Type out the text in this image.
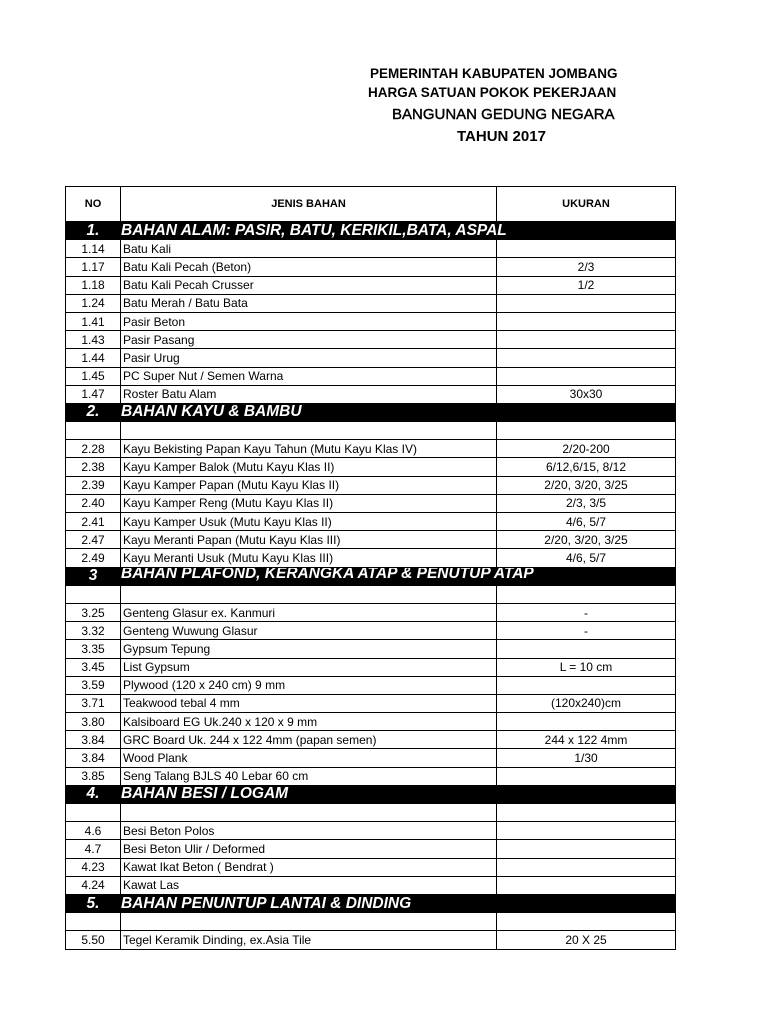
PEMERINTAH KABUPATEN JOMBANG
HARGA SATUAN POKOK PEKERJAAN
BANGUNAN GEDUNG NEGARA
TAHUN 2017
NO	JENIS BAHAN	UKURAN
1.	BAHAN ALAM: PASIR, BATU, KERIKIL,BATA, ASPAL	
1.14	Batu Kali	
1.17	Batu Kali Pecah (Beton)	2/3
1.18	Batu Kali Pecah Crusser	1/2
1.24	Batu Merah / Batu Bata	
1.41	Pasir Beton	
1.43	Pasir Pasang	
1.44	Pasir Urug	
1.45	PC Super Nut / Semen Warna	
1.47	Roster Batu Alam	30x30
2.	BAHAN KAYU & BAMBU	

2.28	Kayu Bekisting Papan Kayu Tahun (Mutu Kayu Klas IV)	2/20-200
2.38	Kayu Kamper Balok (Mutu Kayu Klas II)	6/12,6/15, 8/12
2.39	Kayu Kamper Papan (Mutu Kayu Klas II)	2/20, 3/20, 3/25
2.40	Kayu Kamper Reng (Mutu Kayu Klas II)	2/3, 3/5
2.41	Kayu Kamper Usuk (Mutu Kayu Klas II)	4/6, 5/7
2.47	Kayu Meranti Papan (Mutu Kayu Klas III)	2/20, 3/20, 3/25
2.49	Kayu Meranti Usuk (Mutu Kayu Klas III)	4/6, 5/7
3	BAHAN PLAFOND, KERANGKA ATAP & PENUTUP ATAP	

3.25	Genteng Glasur ex. Kanmuri	-
3.32	Genteng Wuwung Glasur	-
3.35	Gypsum Tepung	
3.45	List Gypsum	L = 10 cm
3.59	Plywood (120 x 240 cm) 9 mm	
3.71	Teakwood tebal 4 mm	(120x240)cm
3.80	Kalsiboard EG Uk.240 x 120 x 9 mm	
3.84	GRC Board Uk. 244 x 122 4mm (papan semen)	244 x 122 4mm
3.84	Wood Plank	1/30
3.85	Seng Talang BJLS 40 Lebar 60 cm	
4.	BAHAN BESI / LOGAM	

4.6	Besi Beton Polos	
4.7	Besi Beton Ulir / Deformed	
4.23	Kawat Ikat Beton ( Bendrat )	
4.24	Kawat Las	
5.	BAHAN PENUNTUP LANTAI & DINDING	

5.50	Tegel Keramik Dinding, ex.Asia Tile	20 X 25
